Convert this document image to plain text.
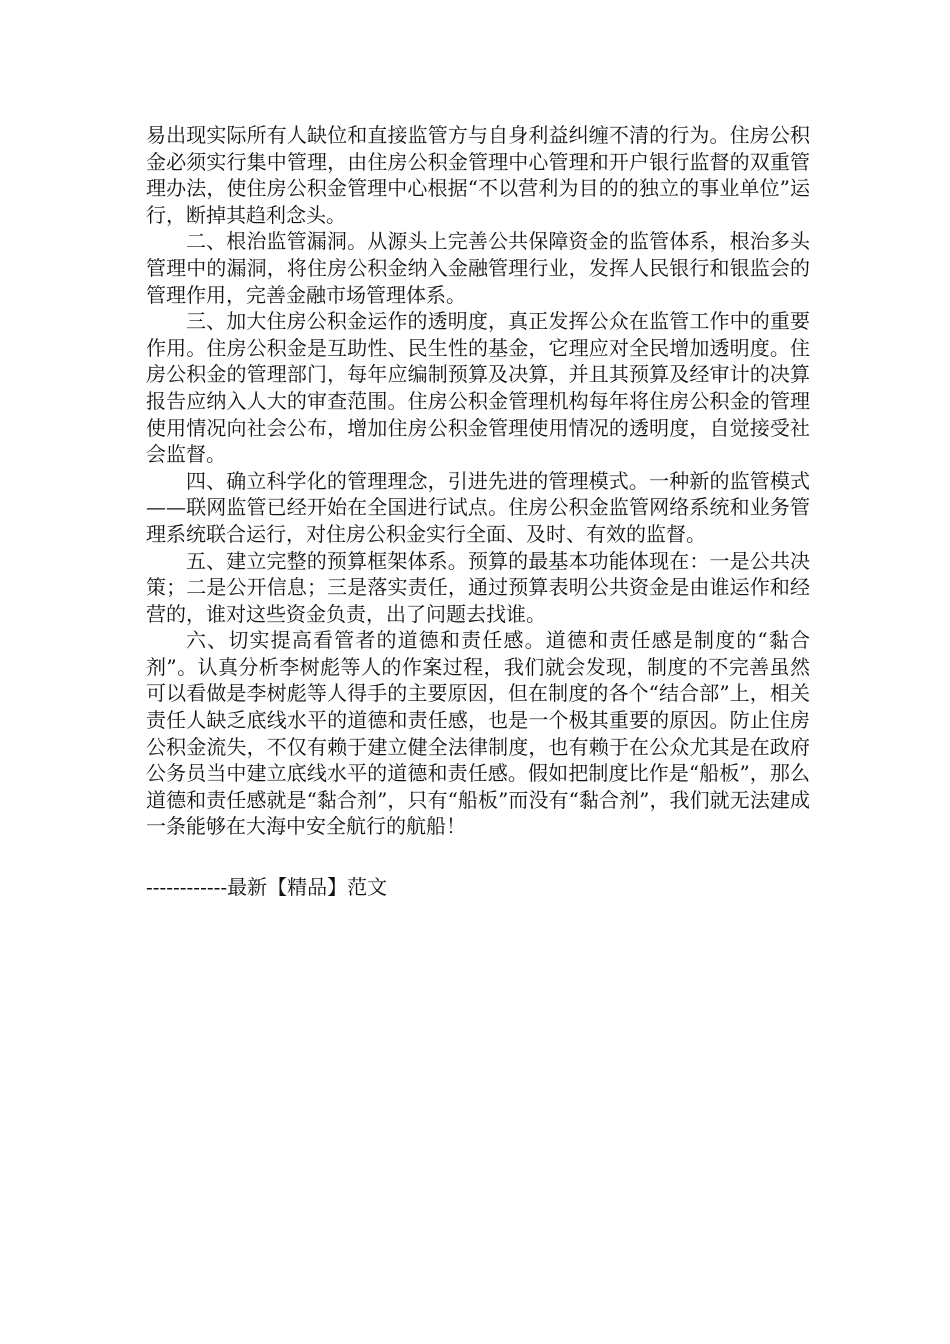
易出现实际所有人缺位和直接监管方与自身利益纠缠不清的行为。住房公积金必须实行集中管理，由住房公积金管理中心管理和开户银行监督的双重管理办法，使住房公积金管理中心根据“不以营利为目的的独立的事业单位”运行，断掉其趋利念头。

二、根治监管漏洞。从源头上完善公共保障资金的监管体系，根治多头管理中的漏洞，将住房公积金纳入金融管理行业，发挥人民银行和银监会的管理作用，完善金融市场管理体系。

三、加大住房公积金运作的透明度，真正发挥公众在监管工作中的重要作用。住房公积金是互助性、民生性的基金，它理应对全民增加透明度。住房公积金的管理部门，每年应编制预算及决算，并且其预算及经审计的决算报告应纳入人大的审查范围。住房公积金管理机构每年将住房公积金的管理使用情况向社会公布，增加住房公积金管理使用情况的透明度，自觉接受社会监督。

四、确立科学化的管理理念，引进先进的管理模式。一种新的监管模式——联网监管已经开始在全国进行试点。住房公积金监管网络系统和业务管理系统联合运行，对住房公积金实行全面、及时、有效的监督。

五、建立完整的预算框架体系。预算的最基本功能体现在：一是公共决策；二是公开信息；三是落实责任，通过预算表明公共资金是由谁运作和经营的，谁对这些资金负责，出了问题去找谁。

六、切实提高看管者的道德和责任感。道德和责任感是制度的“黏合剂”。认真分析李树彪等人的作案过程，我们就会发现，制度的不完善虽然可以看做是李树彪等人得手的主要原因，但在制度的各个“结合部”上，相关责任人缺乏底线水平的道德和责任感，也是一个极其重要的原因。防止住房公积金流失，不仅有赖于建立健全法律制度，也有赖于在公众尤其是在政府公务员当中建立底线水平的道德和责任感。假如把制度比作是“船板”，那么道德和责任感就是“黏合剂”，只有“船板”而没有“黏合剂”，我们就无法建成一条能够在大海中安全航行的航船！

------------最新【精品】范文
